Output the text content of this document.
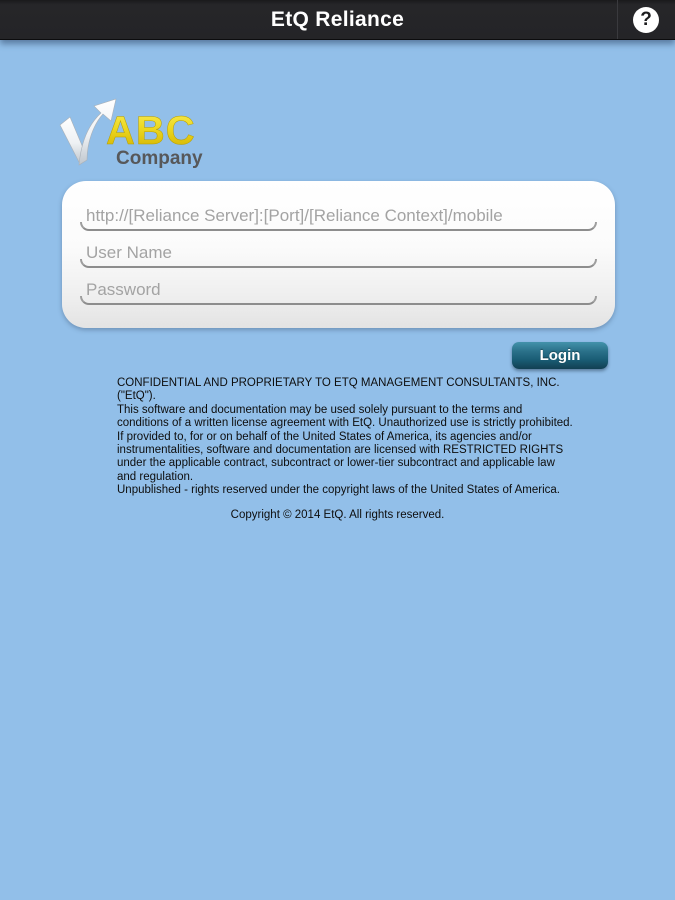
EtQ Reliance	?
ABC
Company
http://[Reliance Server]:[Port]/[Reliance Context]/mobile
User Name
Login

CONFIDENTIAL AND PROPRIETARY TO ETQ MANAGEMENT CONSULTANTS, INC. ("EtQ").

This software and documentation may be used solely pursuant to the terms and conditions of a written license agreement with EtQ. Unauthorized use is strictly prohibited.

If provided to, for or on behalf of the United States of America, its agencies and/or instrumentalities, software and documentation are licensed with RESTRICTED RIGHTS under the applicable contract, subcontract or lower-tier subcontract and applicable law and regulation.

Unpublished - rights reserved under the copyright laws of the United States of America.

Copyright © 2014 EtQ. All rights reserved.
